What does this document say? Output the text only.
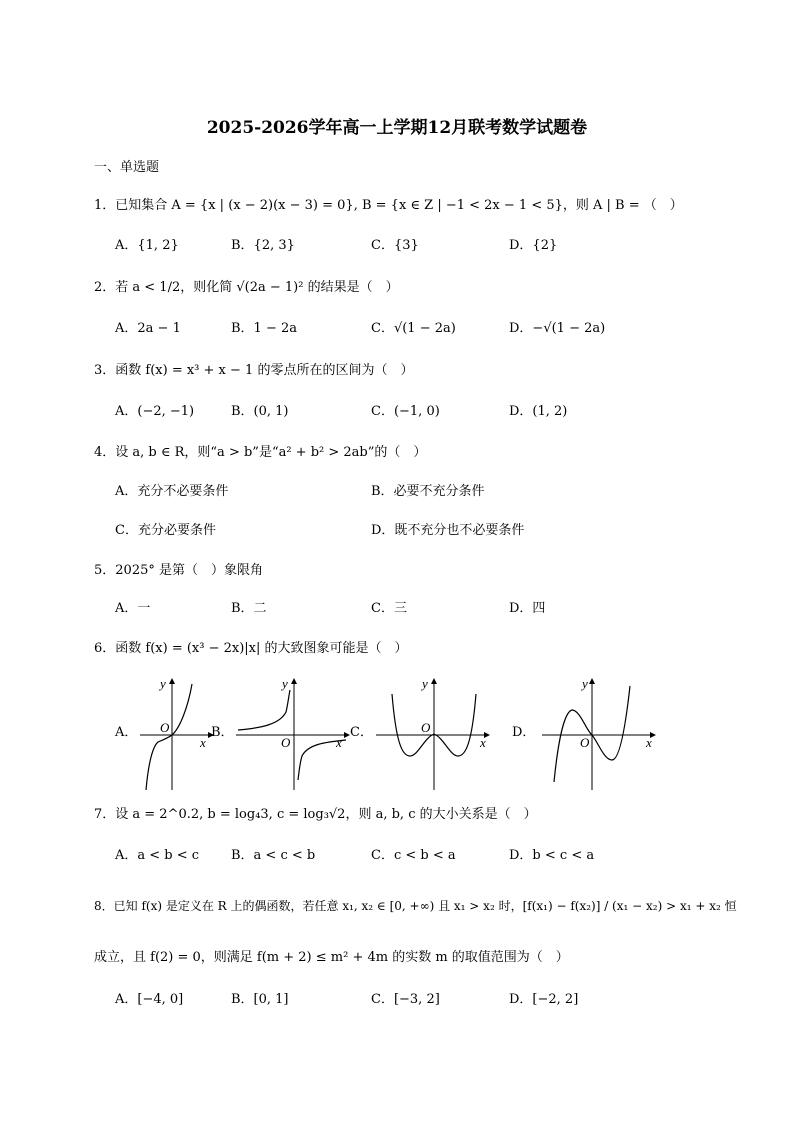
2025-2026学年高一上学期12月联考数学试题卷
一、单选题
1．已知集合 A = {x | (x − 2)(x − 3) = 0}, B = {x ∈ Z | −1 < 2x − 1 < 5}，则 A | B = （　）
A．{1, 2}	B．{2, 3}	C．{3}	D．{2}
2．若 a < 1/2，则化简 √(2a − 1)² 的结果是（　）
A．2a − 1	B．1 − 2a	C．√(1 − 2a)	D．−√(1 − 2a)
3．函数 f(x) = x³ + x − 1 的零点所在的区间为（　）
A．(−2, −1)	B．(0, 1)	C．(−1, 0)	D．(1, 2)
4．设 a, b ∈ R，则“a > b”是“a² + b² > 2ab”的（　）
A．充分不必要条件	B．必要不充分条件
C．充分必要条件	D．既不充分也不必要条件
5．2025° 是第（　）象限角
A．一	B．二	C．三	D．四
6．函数 f(x) = (x³ − 2x)|x| 的大致图象可能是（　）
A． O
x
y
B．
O	x
y
C．	O
x
y
D．
O	x
y
7．设 a = 2^0.2, b = log₄3, c = log₃√2，则 a, b, c 的大小关系是（　）
A．a < b < c B．a < c < b	C．c < b < a	D．b < c < a
8．已知 f(x) 是定义在 R 上的偶函数，若任意 x₁, x₂ ∈ [0, +∞) 且 x₁ > x₂ 时，[f(x₁) − f(x₂)] / (x₁ − x₂) > x₁ + x₂ 恒
成立，且 f(2) = 0，则满足 f(m + 2) ≤ m² + 4m 的实数 m 的取值范围为（　）
A．[−4, 0]	B．[0, 1]	C．[−3, 2]	D．[−2, 2]
